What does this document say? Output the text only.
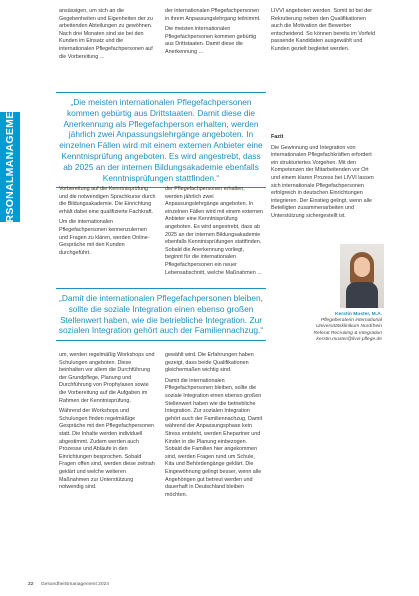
PERSONALMANAGEMENT

ansässigen, um sich an die Gegebenheiten und Eigenheiten der zu arbeitenden Abteilungen zu gewöhnen. Nach drei Monaten sind sie bei den Kunden im Einsatz und die internationalen Pflegefachpersonen auf die Vorbereitung ...

der internationalen Pflegefachpersonen in ihrem Anpassungslehrgang teilnimmt.

Die meisten internationalen Pflegefachpersonen kommen gebürtig aus Drittstaaten. Damit diese die Anerkennung ...

LIVVI angeboten werden. Somit ist bei der Rekrutierung neben den Qualifikationen auch die Motivation der Bewerber entscheidend. So können bereits im Vorfeld passende Kandidaten ausgewählt und Kunden gezielt begleitet werden.

„Die meisten internationalen Pflegefachpersonen kommen gebürtig aus Drittstaaten. Damit diese die Anerkennung als Pflegefachperson erhalten, werden jährlich zwei Anpassungslehrgänge angeboten. In einzelnen Fällen wird mit einem externen Anbieter eine Kenntnisprüfung angeboten. Es wird angestrebt, dass ab 2025 an der internen Bildungsakademie ebenfalls Kenntnisprüfungen stattfinden.“

Fazit

Die Gewinnung und Integration von internationalen Pflegefachkräften erfordert ein strukturiertes Vorgehen. Mit den Kompetenzen der Mitarbeitenden vor Ort und einem klaren Prozess bei LIVVI lassen sich internationale Pflegefachpersonen erfolgreich in deutschen Einrichtungen integrieren. Der Einstieg gelingt, wenn alle Beteiligten zusammenarbeiten und Unterstützung sichergestellt ist.

Vorbereitung auf die Kenntnisprüfung und die notwendigen Sprachkurse durch die Bildungsakademie. Die Einrichtung erhält dabei eine qualifizierte Fachkraft.

Um die internationalen Pflegefachpersonen kennenzulernen und Fragen zu klären, werden Online-Gespräche mit den Kunden durchgeführt.

der Pflegefachpersonen erhalten, werden jährlich zwei Anpassungslehrgänge angeboten. In einzelnen Fällen wird mit einem externen Anbieter eine Kenntnisprüfung angeboten. Es wird angestrebt, dass ab 2025 an der internen Bildungsakademie ebenfalls Kenntnisprüfungen stattfinden. Sobald die Anerkennung vorliegt, beginnt für die internationalen Pflegefachpersonen ein neuer Lebensabschnitt, welche Maßnahmen ...

Kerstin Muster, M.A.
Pflegeberaterin international
Universitätsklinikum Nordrhein
Referat Recruiting & Integration
kerstin.muster@livvi-pflege.de
„Damit die internationalen Pflegefachpersonen bleiben, sollte die soziale Integration einen ebenso großen Stellenwert haben, wie die betriebliche Integration. Zur sozialen Integration gehört auch der Familiennachzug.“

um, werden regelmäßig Workshops und Schulungen angeboten. Diese beinhalten vor allem die Durchführung der Grundpflege, Planung und Durchführung von Prophylaxen sowie die Vorbereitung auf die Aufgaben im Rahmen der Kenntnisprüfung.

Während der Workshops und Schulungen finden regelmäßige Gespräche mit den Pflegefachpersonen statt. Die Inhalte werden individuell abgestimmt. Zudem werden auch Prozesse und Abläufe in den Einrichtungen besprochen. Sobald Fragen offen sind, werden diese zeitnah geklärt und welche weiteren Maßnahmen zur Unterstützung notwendig sind.

gewählt wird. Die Erfahrungen haben gezeigt, dass beide Qualifikationen gleichermaßen wichtig sind.

Damit die internationalen Pflegefachpersonen bleiben, sollte die soziale Integration einen ebenso großen Stellenwert haben wie die betriebliche Integration. Zur sozialen Integration gehört auch der Familiennachzug. Damit während der Anpassungsphase kein Stress entsteht, werden Ehepartner und Kinder in die Planung einbezogen. Sobald die Familien hier angekommen sind, werden Fragen rund um Schule, Kita und Behördengänge geklärt. Die Eingewöhnung gelingt besser, wenn alle Angehörigen gut betreut werden und dauerhaft in Deutschland bleiben möchten.

22 Gesundheitsmanagement 2024
